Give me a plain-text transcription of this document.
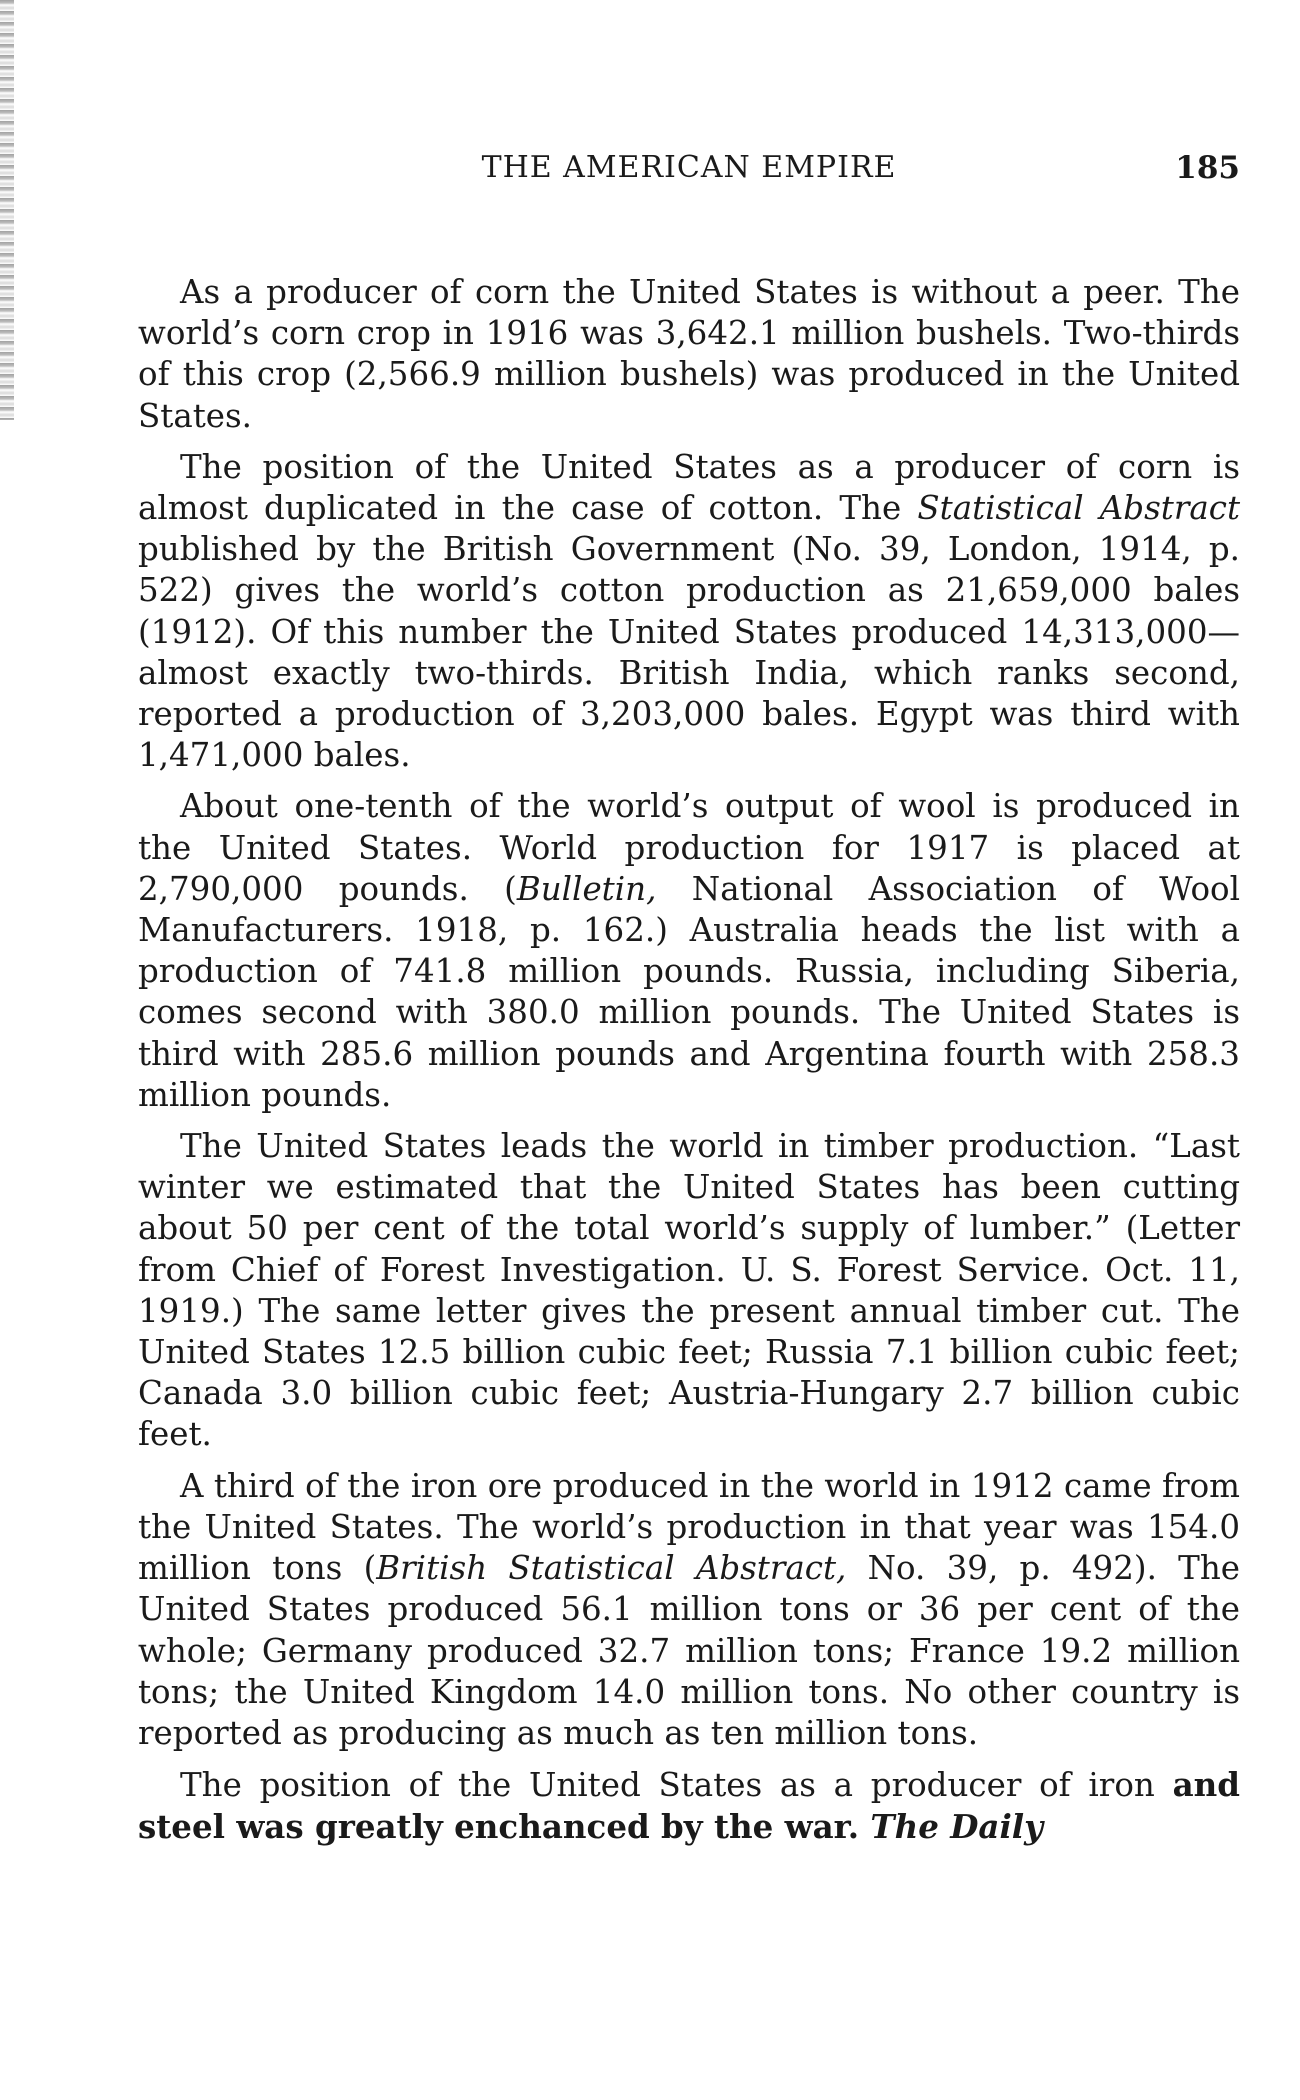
THE AMERICAN EMPIRE	185

As a producer of corn the United States is without a peer. The world’s corn crop in 1916 was 3,642.1 million bushels. Two-thirds of this crop (2,566.9 million bushels) was produced in the United States.

The position of the United States as a producer of corn is almost duplicated in the case of cotton. The Statistical Abstract published by the British Government (No. 39, London, 1914, p. 522) gives the world’s cotton production as 21,659,000 bales (1912). Of this number the United States produced 14,313,000—almost exactly two-thirds. British India, which ranks second, reported a production of 3,203,000 bales. Egypt was third with 1,471,000 bales.

About one-tenth of the world’s output of wool is produced in the United States. World production for 1917 is placed at 2,790,000 pounds. (Bulletin, National Association of Wool Manufacturers. 1918, p. 162.) Australia heads the list with a production of 741.8 million pounds. Russia, including Siberia, comes second with 380.0 million pounds. The United States is third with 285.6 million pounds and Argentina fourth with 258.3 million pounds.

The United States leads the world in timber production. “Last winter we estimated that the United States has been cutting about 50 per cent of the total world’s supply of lumber.” (Letter from Chief of Forest Investigation. U. S. Forest Service. Oct. 11, 1919.) The same letter gives the present annual timber cut. The United States 12.5 billion cubic feet; Russia 7.1 billion cubic feet; Canada 3.0 billion cubic feet; Austria-Hungary 2.7 billion cubic feet.

A third of the iron ore produced in the world in 1912 came from the United States. The world’s production in that year was 154.0 million tons (British Statistical Abstract, No. 39, p. 492). The United States produced 56.1 million tons or 36 per cent of the whole; Germany produced 32.7 million tons; France 19.2 million tons; the United Kingdom 14.0 million tons. No other country is reported as producing as much as ten million tons.

The position of the United States as a producer of iron and steel was greatly enchanced by the war. The Daily
